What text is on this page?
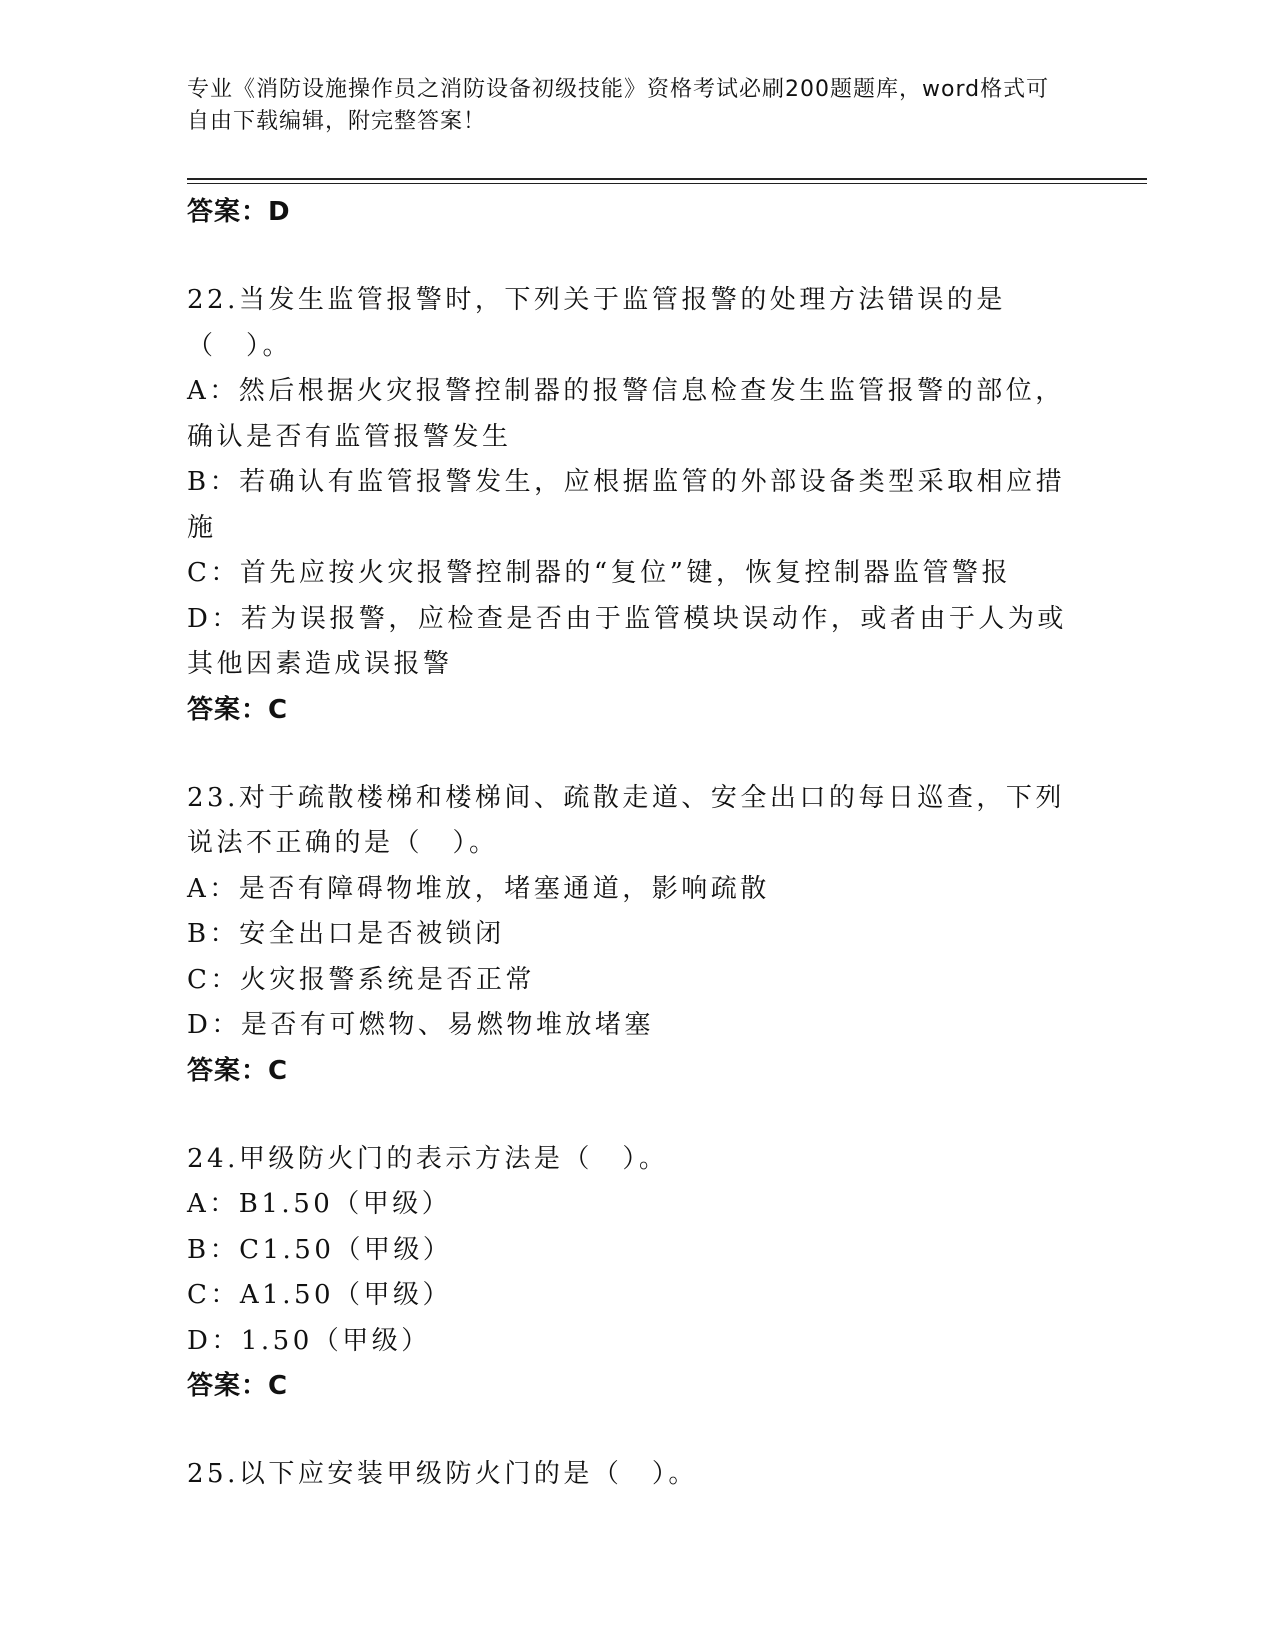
专业《消防设施操作员之消防设备初级技能》资格考试必刷200题题库，word格式可自由下载编辑，附完整答案！
答案：D

22.当发生监管报警时，下列关于监管报警的处理方法错误的是（　）。

A：然后根据火灾报警控制器的报警信息检查发生监管报警的部位，确认是否有监管报警发生

B：若确认有监管报警发生，应根据监管的外部设备类型采取相应措施

C：首先应按火灾报警控制器的“复位”键，恢复控制器监管警报

D：若为误报警，应检查是否由于监管模块误动作，或者由于人为或其他因素造成误报警

答案：C

23.对于疏散楼梯和楼梯间、疏散走道、安全出口的每日巡查，下列说法不正确的是（　）。

A：是否有障碍物堆放，堵塞通道，影响疏散

B：安全出口是否被锁闭

C：火灾报警系统是否正常

D：是否有可燃物、易燃物堆放堵塞

答案：C

24.甲级防火门的表示方法是（　）。

A：B1.50（甲级）

B：C1.50（甲级）

C：A1.50（甲级）

D：1.50（甲级）

答案：C

25.以下应安装甲级防火门的是（　）。
